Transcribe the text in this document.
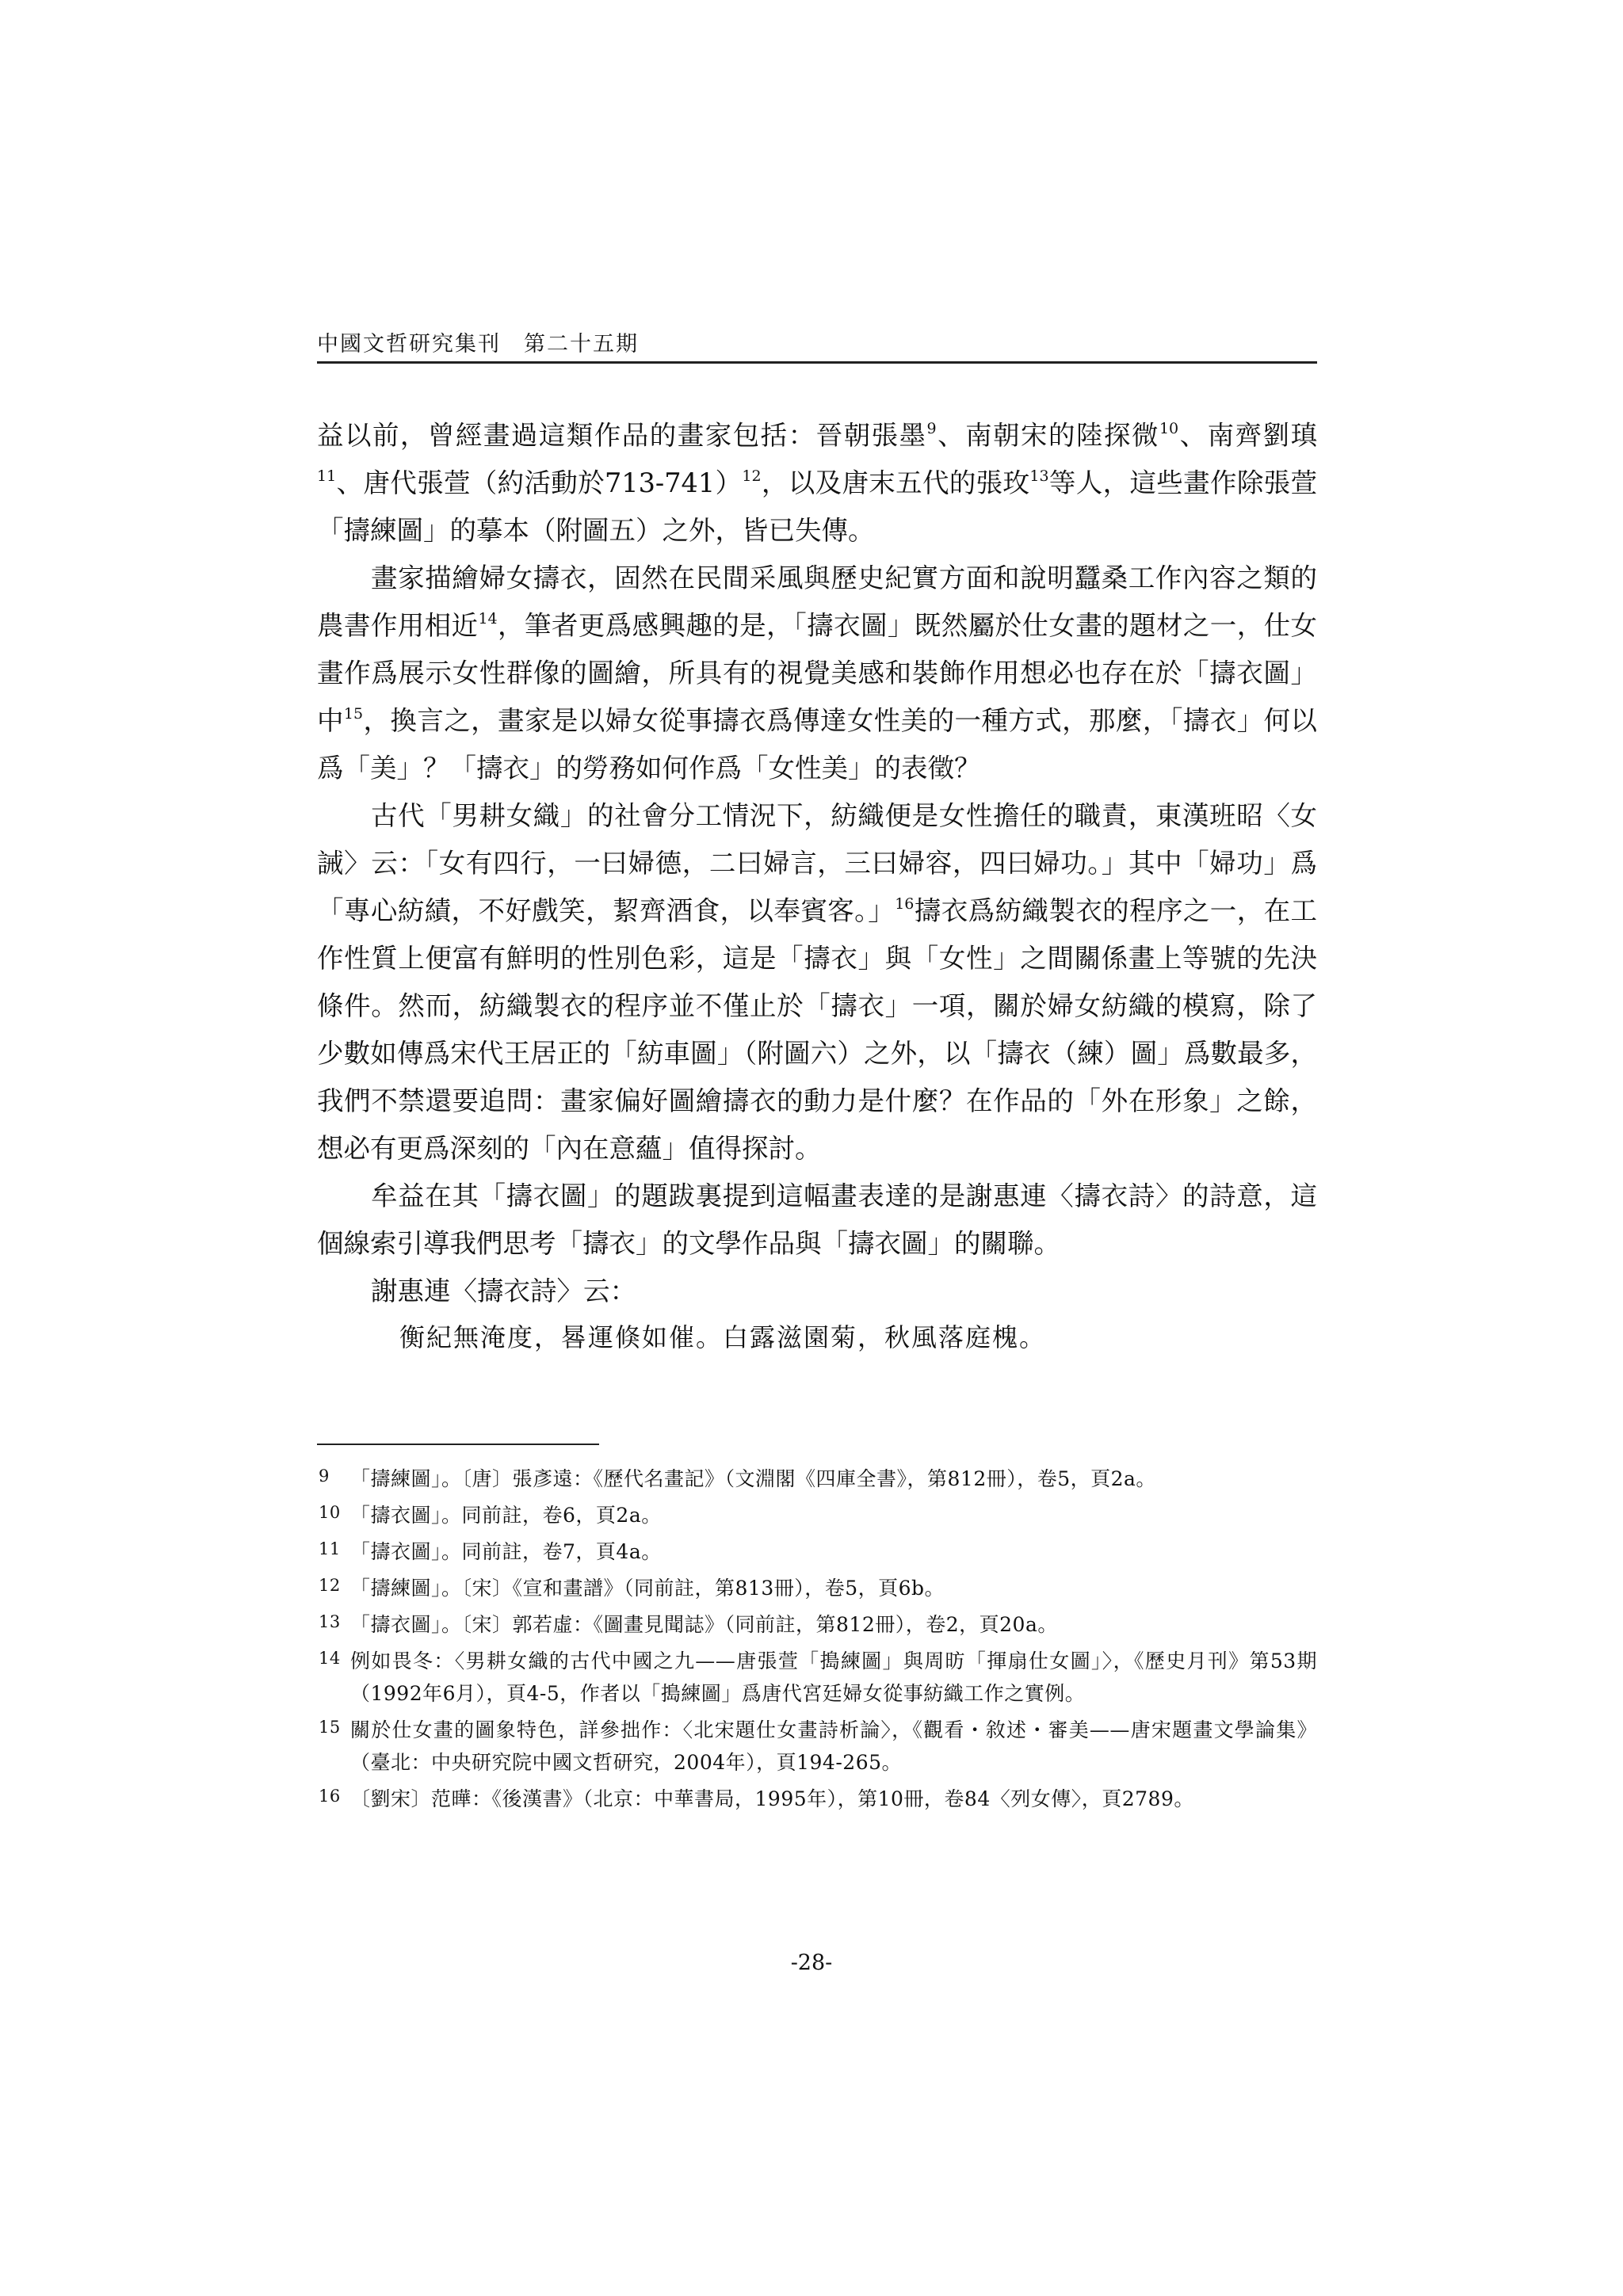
中國文哲研究集刊　第二十五期

益以前，曾經畫過這類作品的畫家包括：晉朝張墨$^9$、南朝宋的陸探微$^{10}$、南齊劉瑱$^{11}$、唐代張萱（約活動於713-741）$^{12}$，以及唐末五代的張玫$^{13}$等人，這些畫作除張萱「擣練圖」的摹本（附圖五）之外，皆已失傳。

畫家描繪婦女擣衣，固然在民間采風與歷史紀實方面和說明蠶桑工作內容之類的農書作用相近$^{14}$，筆者更爲感興趣的是，「擣衣圖」既然屬於仕女畫的題材之一，仕女畫作爲展示女性群像的圖繪，所具有的視覺美感和裝飾作用想必也存在於「擣衣圖」中$^{15}$，換言之，畫家是以婦女從事擣衣爲傳達女性美的一種方式，那麼，「擣衣」何以爲「美」？「擣衣」的勞務如何作爲「女性美」的表徵？

古代「男耕女織」的社會分工情況下，紡織便是女性擔任的職責，東漢班昭〈女誡〉云：「女有四行，一曰婦德，二曰婦言，三曰婦容，四曰婦功。」其中「婦功」爲「專心紡績，不好戲笑，絜齊酒食，以奉賓客。」$^{16}$擣衣爲紡織製衣的程序之一，在工作性質上便富有鮮明的性別色彩，這是「擣衣」與「女性」之間關係畫上等號的先決條件。然而，紡織製衣的程序並不僅止於「擣衣」一項，關於婦女紡織的模寫，除了少數如傳爲宋代王居正的「紡車圖」（附圖六）之外，以「擣衣（練）圖」爲數最多，我們不禁還要追問：畫家偏好圖繪擣衣的動力是什麼？在作品的「外在形象」之餘，想必有更爲深刻的「內在意蘊」值得探討。

牟益在其「擣衣圖」的題跋裏提到這幅畫表達的是謝惠連〈擣衣詩〉的詩意，這個線索引導我們思考「擣衣」的文學作品與「擣衣圖」的關聯。

謝惠連〈擣衣詩〉云：

衡紀無淹度，晷運倏如催。白露滋園菊，秋風落庭槐。

9 「擣練圖」。〔唐〕張彥遠：《歷代名畫記》（文淵閣《四庫全書》，第812冊），卷5，頁2a。

10 「擣衣圖」。同前註，卷6，頁2a。

11 「擣衣圖」。同前註，卷7，頁4a。

12 「擣練圖」。〔宋〕《宣和畫譜》（同前註，第813冊），卷5，頁6b。

13 「擣衣圖」。〔宋〕郭若虛：《圖畫見聞誌》（同前註，第812冊），卷2，頁20a。

14 例如畏冬：〈男耕女織的古代中國之九——唐張萱「搗練圖」與周昉「揮扇仕女圖」〉，《歷史月刊》第53期（1992年6月），頁4-5，作者以「搗練圖」爲唐代宮廷婦女從事紡織工作之實例。

15 關於仕女畫的圖象特色，詳參拙作：〈北宋題仕女畫詩析論〉，《觀看・敘述・審美——唐宋題畫文學論集》（臺北：中央研究院中國文哲研究，2004年），頁194-265。

16 〔劉宋〕范曄：《後漢書》（北京：中華書局，1995年），第10冊，卷84〈列女傳〉，頁2789。

-28-
